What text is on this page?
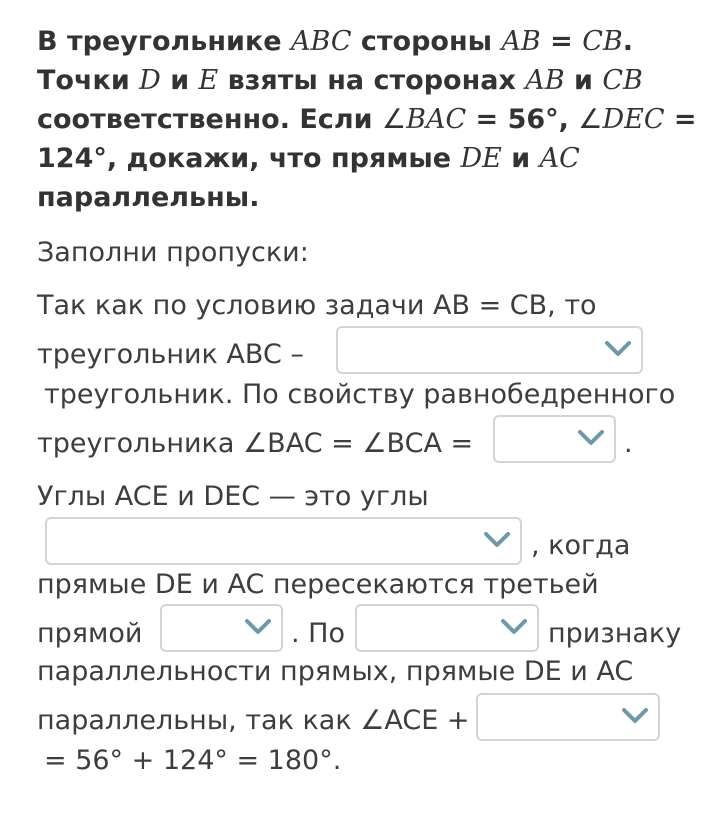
В треугольнике ABC стороны AB = CB. Точки D и E взяты на сторонах AB и CB соответственно. Если ∠BAC = 56°, ∠DEC = 124°, докажи, что прямые DE и AC параллельны.
Заполни пропуски:
Так как по условию задачи AB = CB, то
треугольник ABC –
треугольник. По свойству равнобедренного
треугольника ∠BAC = ∠BCA =	.
Углы ACE и DEC — это углы
, когда
прямые DE и AC пересекаются третьей
прямой	. По	признаку
параллельности прямых, прямые DE и AC
параллельны, так как ∠ACE +
= 56° + 124° = 180°.
